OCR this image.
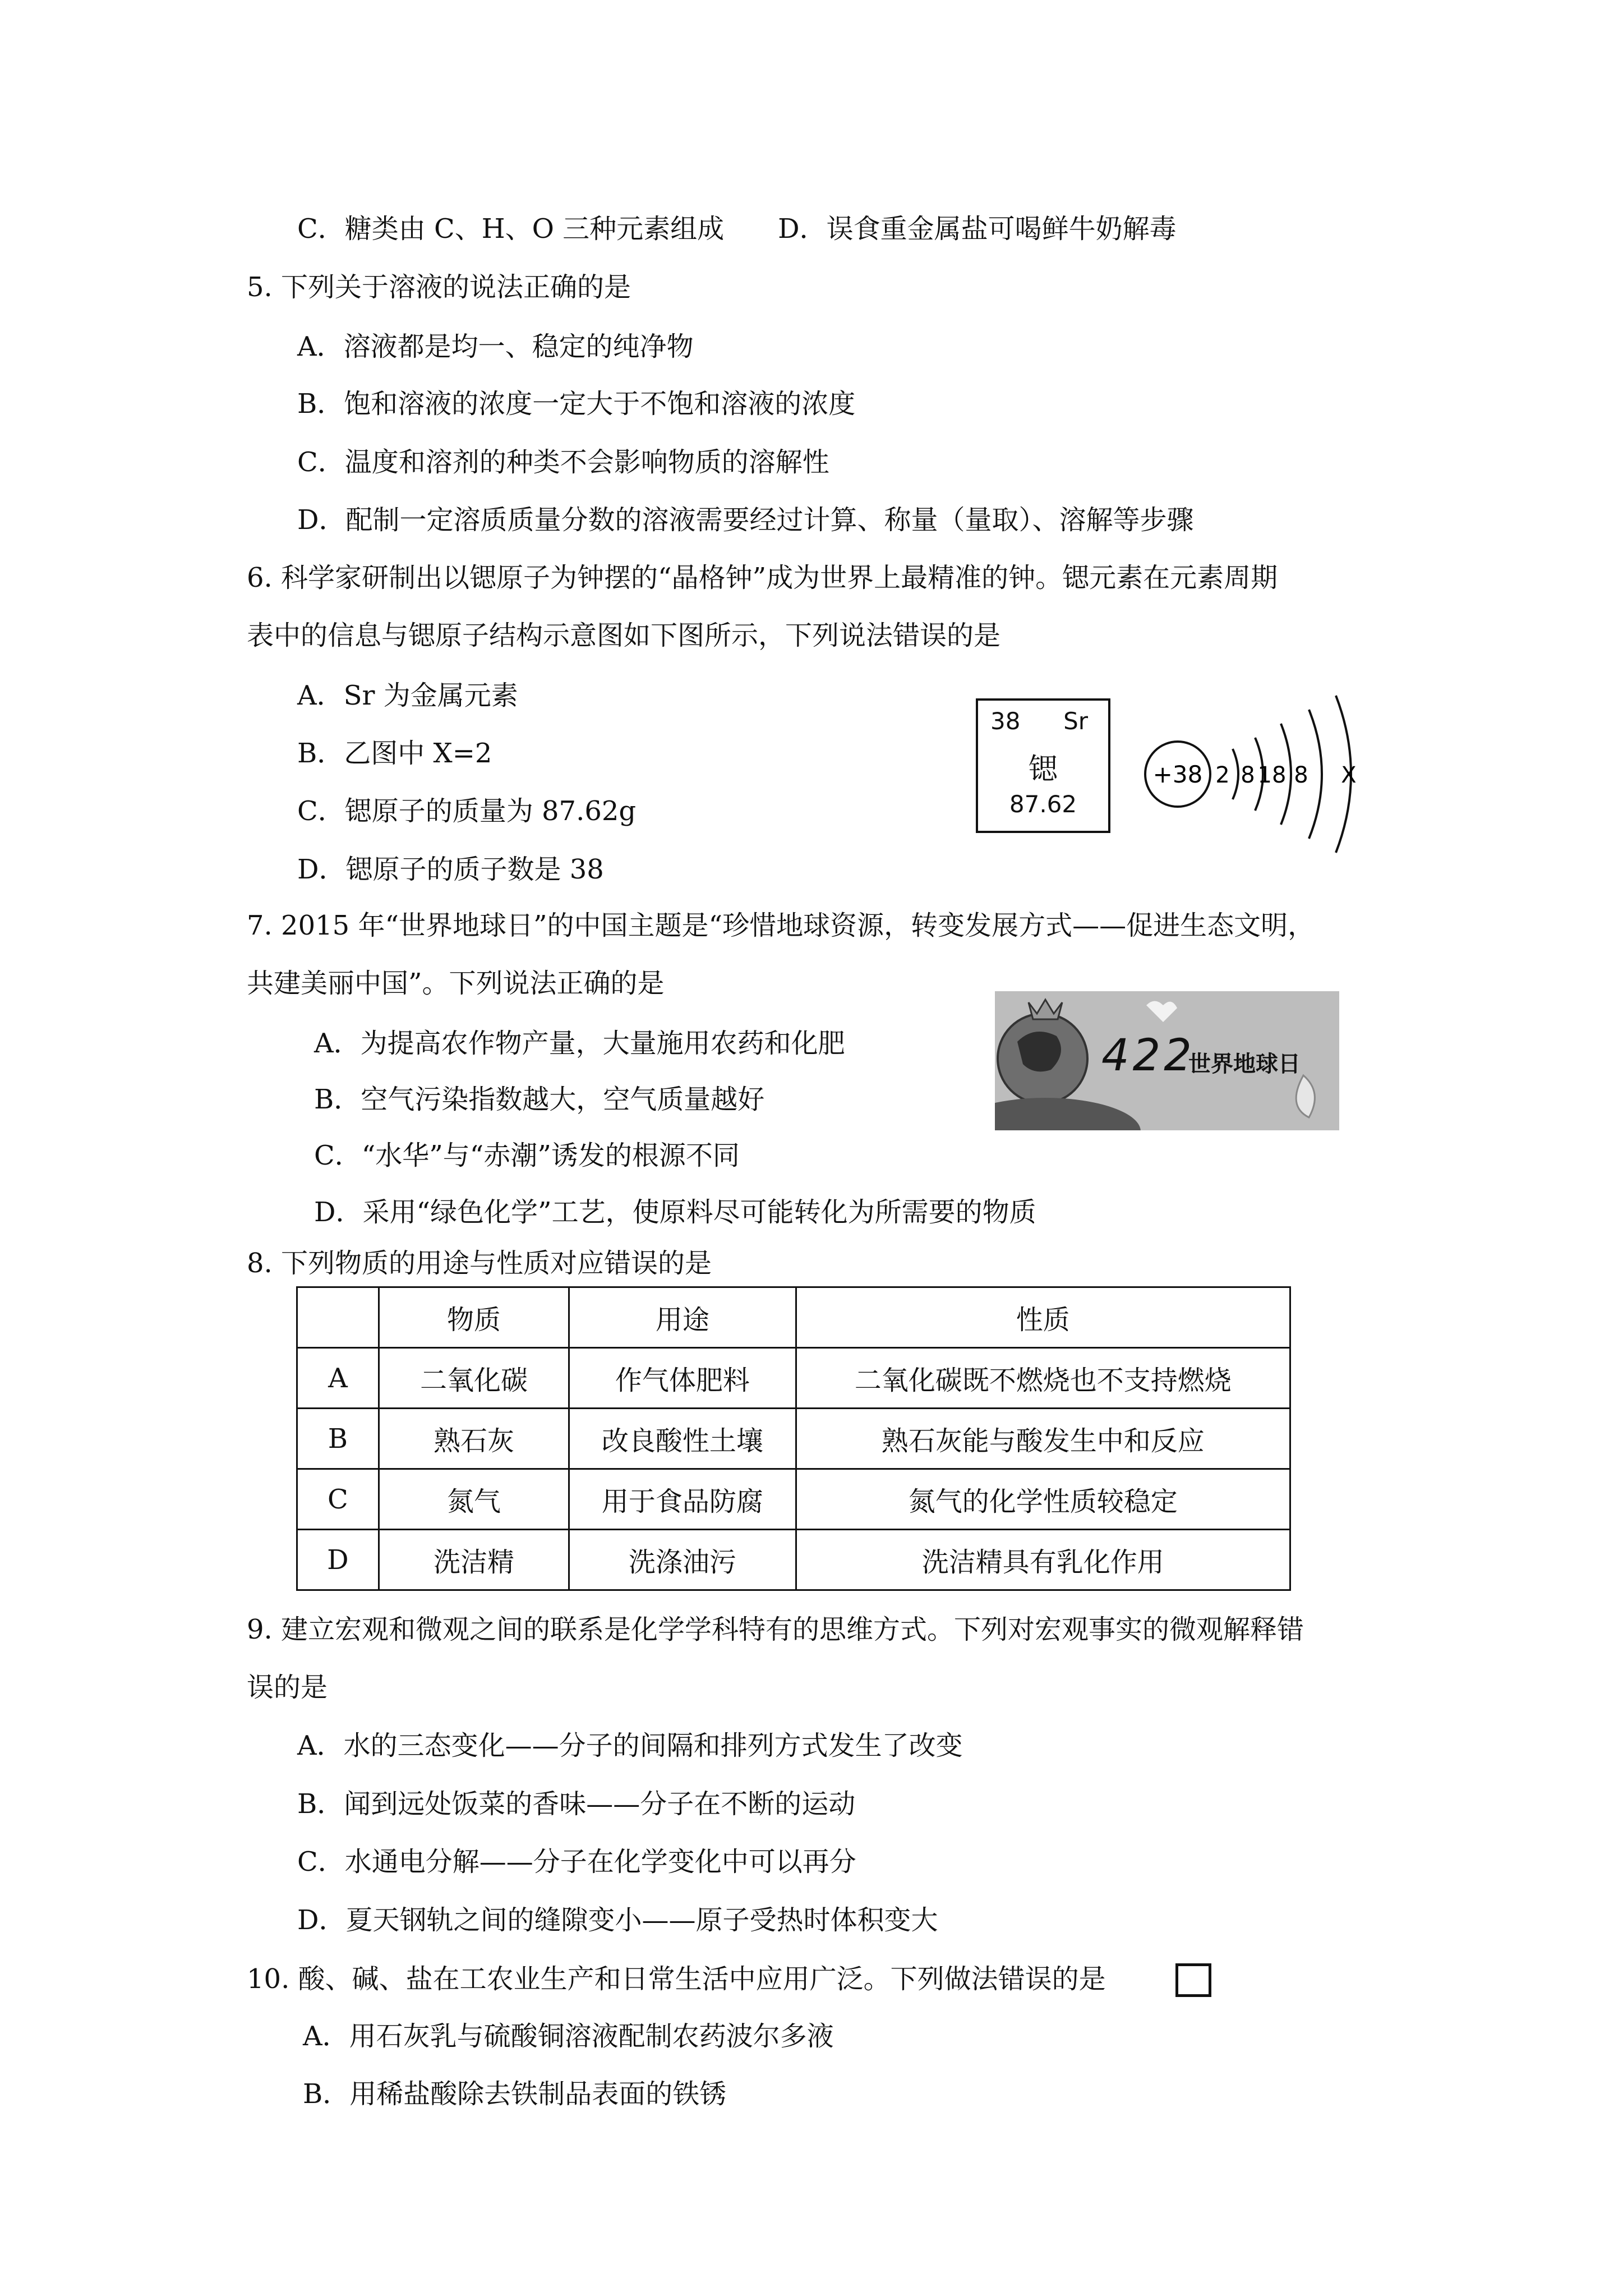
C．糖类由 C、H、O 三种元素组成　　D．误食重金属盐可喝鲜牛奶解毒
5. 下列关于溶液的说法正确的是
A．溶液都是均一、稳定的纯净物
B．饱和溶液的浓度一定大于不饱和溶液的浓度
C．温度和溶剂的种类不会影响物质的溶解性
D．配制一定溶质质量分数的溶液需要经过计算、称量（量取）、溶解等步骤
6. 科学家研制出以锶原子为钟摆的“晶格钟”成为世界上最精准的钟。锶元素在元素周期
表中的信息与锶原子结构示意图如下图所示，下列说法错误的是
A．Sr 为金属元素
B．乙图中 X=2
C．锶原子的质量为 87.62g
D．锶原子的质子数是 38
38 Sr
锶
87.62
+38 2 8 18 8 X
7. 2015 年“世界地球日”的中国主题是“珍惜地球资源，转变发展方式——促进生态文明，
共建美丽中国”。下列说法正确的是
A．为提高农作物产量，大量施用农药和化肥
B．空气污染指数越大，空气质量越好
C．“水华”与“赤潮”诱发的根源不同
D．采用“绿色化学”工艺，使原料尽可能转化为所需要的物质
422
世界地球日
8. 下列物质的用途与性质对应错误的是
	物质	用途	性质
A	二氧化碳	作气体肥料	二氧化碳既不燃烧也不支持燃烧
B	熟石灰	改良酸性土壤	熟石灰能与酸发生中和反应
C	氮气	用于食品防腐	氮气的化学性质较稳定
D	洗洁精	洗涤油污	洗洁精具有乳化作用
9. 建立宏观和微观之间的联系是化学学科特有的思维方式。下列对宏观事实的微观解释错
误的是
A．水的三态变化——分子的间隔和排列方式发生了改变
B．闻到远处饭菜的香味——分子在不断的运动
C．水通电分解——分子在化学变化中可以再分
D．夏天钢轨之间的缝隙变小——原子受热时体积变大
10. 酸、碱、盐在工农业生产和日常生活中应用广泛。下列做法错误的是
A．用石灰乳与硫酸铜溶液配制农药波尔多液
B．用稀盐酸除去铁制品表面的铁锈
